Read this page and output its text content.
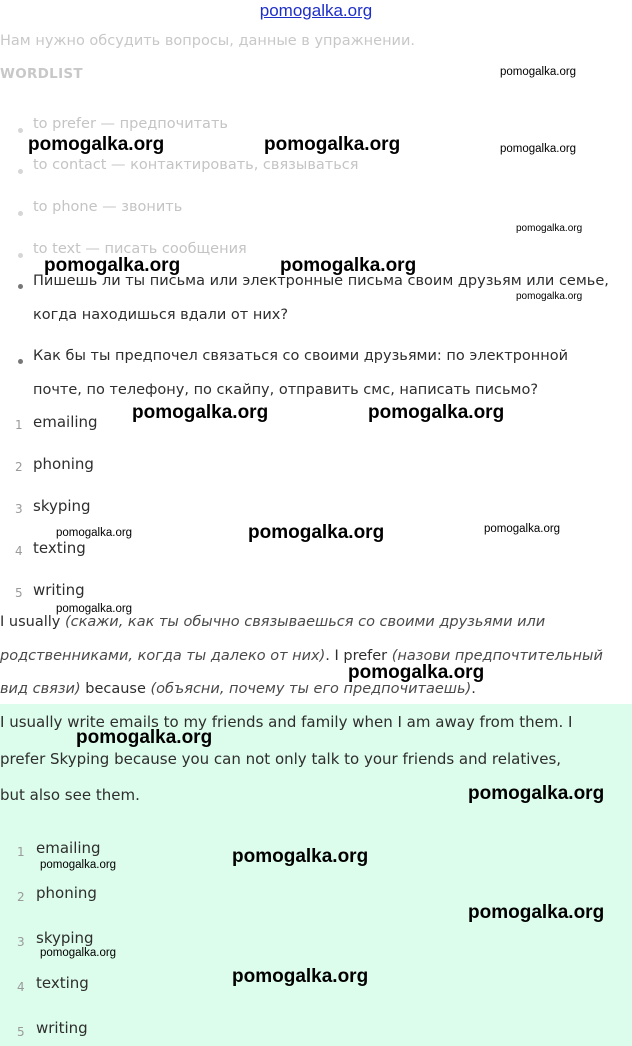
pomogalka.org
Нам нужно обсудить вопросы, данные в упражнении.
WORDLIST
to prefer — предпочитать
to contact — контактировать, связываться
to phone — звонить
to text — писать сообщения
Пишешь ли ты письма или электронные письма своим друзьям или семье,
когда находишься вдали от них?
Как бы ты предпочел связаться со своими друзьями: по электронной
почте, по телефону, по скайпу, отправить смс, написать письмо?
1 emailing
2 phoning
3 skyping
4 texting
5 writing
I usually (скажи, как ты обычно связываешься со своими друзьями или
родственниками, когда ты далеко от них). I prefer (назови предпочтительный
вид связи) because (объясни, почему ты его предпочитаешь).
I usually write emails to my friends and family when I am away from them. I
prefer Skyping because you can not only talk to your friends and relatives,
but also see them.
1 emailing
2 phoning
3 skyping
4 texting
5 writing
pomogalka.org
pomogalka.org	pomogalka.org	pomogalka.org
pomogalka.org
pomogalka.org	pomogalka.org
pomogalka.org
pomogalka.org	pomogalka.org
pomogalka.org	pomogalka.org	pomogalka.org
pomogalka.org
pomogalka.org
pomogalka.org
pomogalka.org
pomogalka.org
pomogalka.org
pomogalka.org
pomogalka.org
pomogalka.org
